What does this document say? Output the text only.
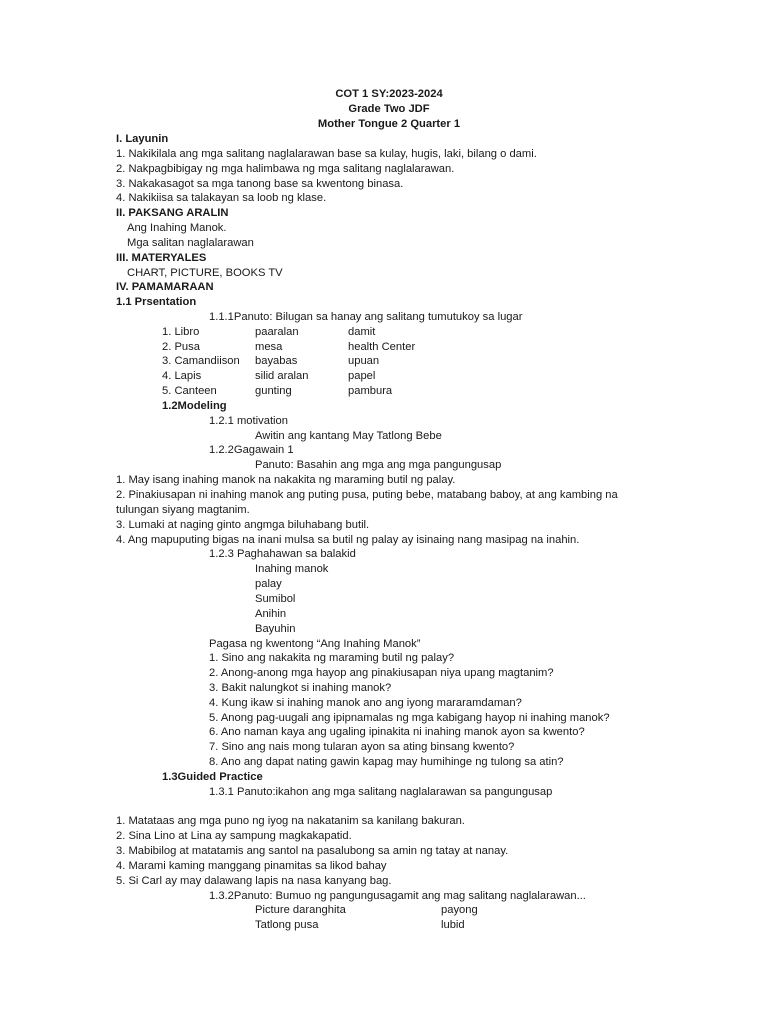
COT 1 SY:2023-2024
Grade Two JDF
Mother Tongue 2 Quarter 1
I. Layunin
1. Nakikilala ang mga salitang naglalarawan base sa kulay, hugis, laki, bilang o dami.
2. Nakpagbibigay ng mga halimbawa ng mga salitang naglalarawan.
3. Nakakasagot sa mga tanong base sa kwentong binasa.
4. Nakikiisa sa talakayan sa loob ng klase.
II. PAKSANG ARALIN
Ang Inahing Manok.
Mga salitan naglalarawan
III. MATERYALES
CHART, PICTURE, BOOKS TV
IV. PAMAMARAAN
1.1 Prsentation
1.1.1Panuto: Bilugan sa hanay ang salitang tumutukoy sa lugar
1. Libro	paaralan	damit
2. Pusa	mesa	health Center
3. Camandiison bayabas	upuan
4. Lapis	silid aralan	papel
5. Canteen	gunting	pambura
1.2Modeling
1.2.1 motivation
Awitin ang kantang May Tatlong Bebe
1.2.2Gagawain 1
Panuto: Basahin ang mga ang mga pangungusap
1. May isang inahing manok na nakakita ng maraming butil ng palay.
2. Pinakiusapan ni inahing manok ang puting pusa, puting bebe, matabang baboy, at ang kambing na tulungan siyang magtanim.
3. Lumaki at naging ginto angmga biluhabang butil.
4. Ang mapuputing bigas na inani mulsa sa butil ng palay ay isinaing nang masipag na inahin.
1.2.3 Paghahawan sa balakid
Inahing manok
palay
Sumibol
Anihin
Bayuhin
Pagasa ng kwentong “Ang Inahing Manok”
1. Sino ang nakakita ng maraming butil ng palay?
2. Anong-anong mga hayop ang pinakiusapan niya upang magtanim?
3. Bakit nalungkot si inahing manok?
4. Kung ikaw si inahing manok ano ang iyong mararamdaman?
5. Anong pag-uugali ang ipipnamalas ng mga kabigang hayop ni inahing manok?
6. Ano naman kaya ang ugaling ipinakita ni inahing manok ayon sa kwento?
7. Sino ang nais mong tularan ayon sa ating binsang kwento?
8. Ano ang dapat nating gawin kapag may humihinge ng tulong sa atin?
1.3Guided Practice
1.3.1 Panuto:ikahon ang mga salitang naglalarawan sa pangungusap
1. Matataas ang mga puno ng iyog na nakatanim sa kanilang bakuran.
2. Sina Lino at Lina ay sampung magkakapatid.
3. Mabibilog at matatamis ang santol na pasalubong sa amin ng tatay at nanay.
4. Marami kaming manggang pinamitas sa likod bahay
5. Si Carl ay may dalawang lapis na nasa kanyang bag.
1.3.2Panuto: Bumuo ng pangungusagamit ang mag salitang naglalarawan...
Picture daranghita	payong
Tatlong pusa	lubid
